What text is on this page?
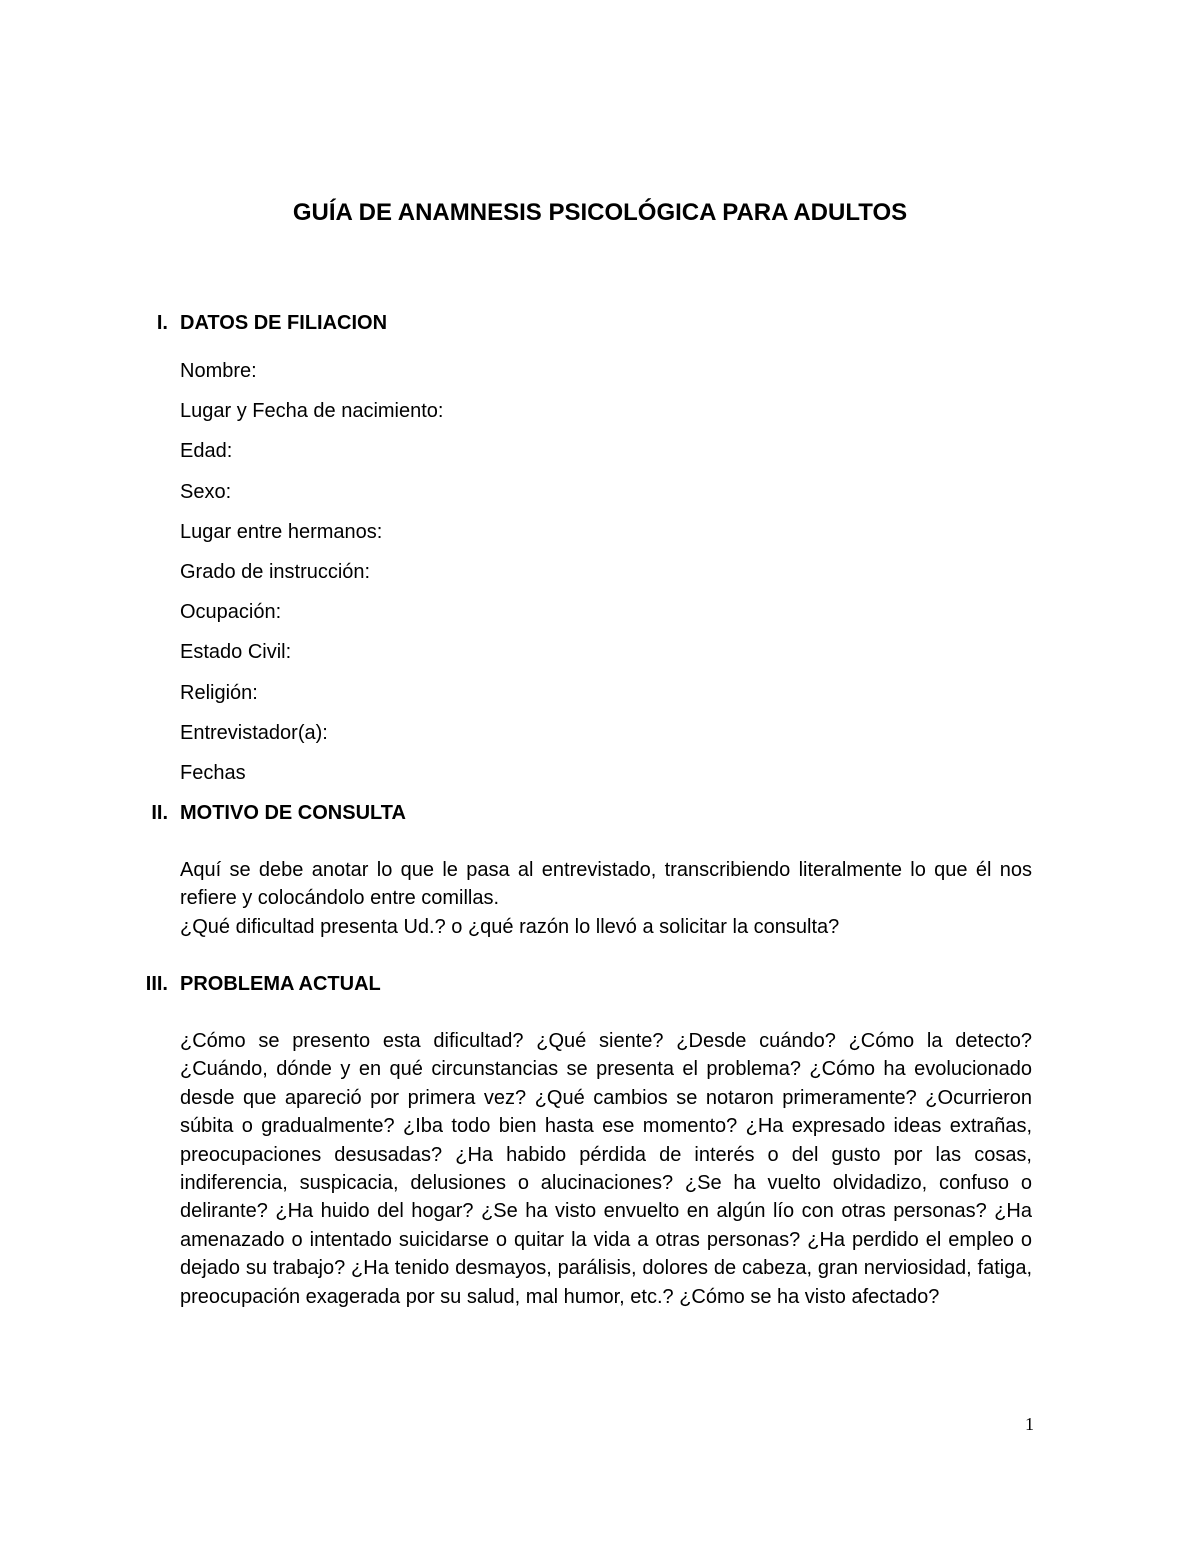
GUÍA DE ANAMNESIS PSICOLÓGICA PARA ADULTOS
I. DATOS DE FILIACION
Nombre:
Lugar y Fecha de nacimiento:
Edad:
Sexo:
Lugar entre hermanos:
Grado de instrucción:
Ocupación:
Estado Civil:
Religión:
Entrevistador(a):
Fechas
II. MOTIVO DE CONSULTA

Aquí se debe anotar lo que le pasa al entrevistado, transcribiendo literalmente lo que él nos refiere y colocándolo entre comillas.

¿Qué dificultad presenta Ud.? o ¿qué razón lo llevó a solicitar la consulta?

III. PROBLEMA ACTUAL

¿Cómo se presento esta dificultad? ¿Qué siente? ¿Desde cuándo? ¿Cómo la detecto? ¿Cuándo, dónde y en qué circunstancias se presenta el problema? ¿Cómo ha evolucionado desde que apareció por primera vez? ¿Qué cambios se notaron primeramente? ¿Ocurrieron súbita o gradualmente? ¿Iba todo bien hasta ese momento? ¿Ha expresado ideas extrañas, preocupaciones desusadas? ¿Ha habido pérdida de interés o del gusto por las cosas, indiferencia, suspicacia, delusiones o alucinaciones? ¿Se ha vuelto olvidadizo, confuso o delirante? ¿Ha huido del hogar? ¿Se ha visto envuelto en algún lío con otras personas? ¿Ha amenazado o intentado suicidarse o quitar la vida a otras personas? ¿Ha perdido el empleo o dejado su trabajo? ¿Ha tenido desmayos, parálisis, dolores de cabeza, gran nerviosidad, fatiga, preocupación exagerada por su salud, mal humor, etc.? ¿Cómo se ha visto afectado?

1
